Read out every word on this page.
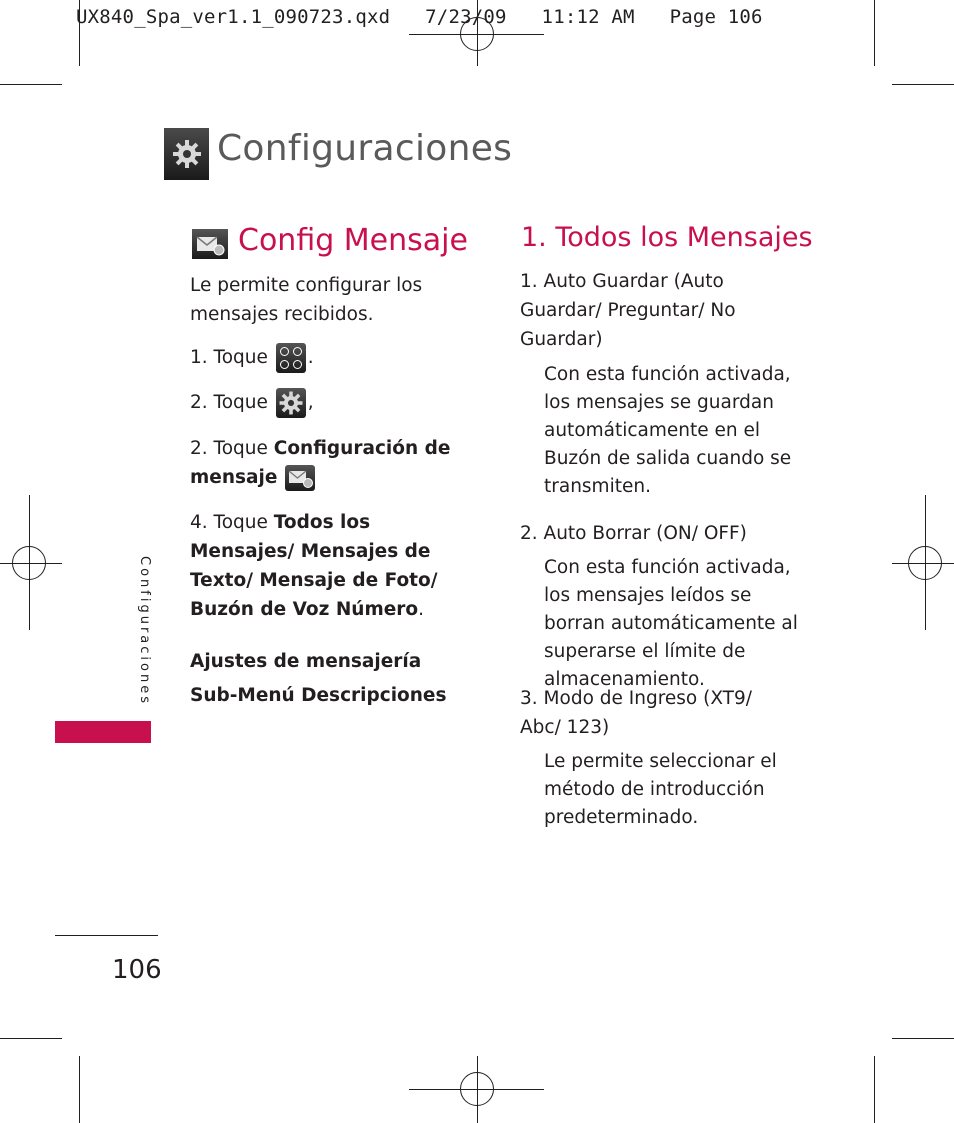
UX840_Spa_ver1.1_090723.qxd   7/23/09   11:12 AM   Page 106
Configuraciones
Config Mensaje
Le permite configurar los mensajes recibidos.
1. Toque .
2. Toque ,
2. Toque Configuración de mensaje
4. Toque Todos los Mensajes/ Mensajes de Texto/ Mensaje de Foto/ Buzón de Voz Número.
Ajustes de mensajería Sub-Menú Descripciones
1. Todos los Mensajes
1. Auto Guardar (Auto Guardar/ Preguntar/ No Guardar)
Con esta función activada, los mensajes se guardan automáticamente en el Buzón de salida cuando se transmiten.
2. Auto Borrar (ON/ OFF)
Con esta función activada, los mensajes leídos se borran automáticamente al superarse el límite de almacenamiento.
3. Modo de Ingreso (XT9/ Abc/ 123)
Le permite seleccionar el método de introducción predeterminado.
Configuraciones
106
